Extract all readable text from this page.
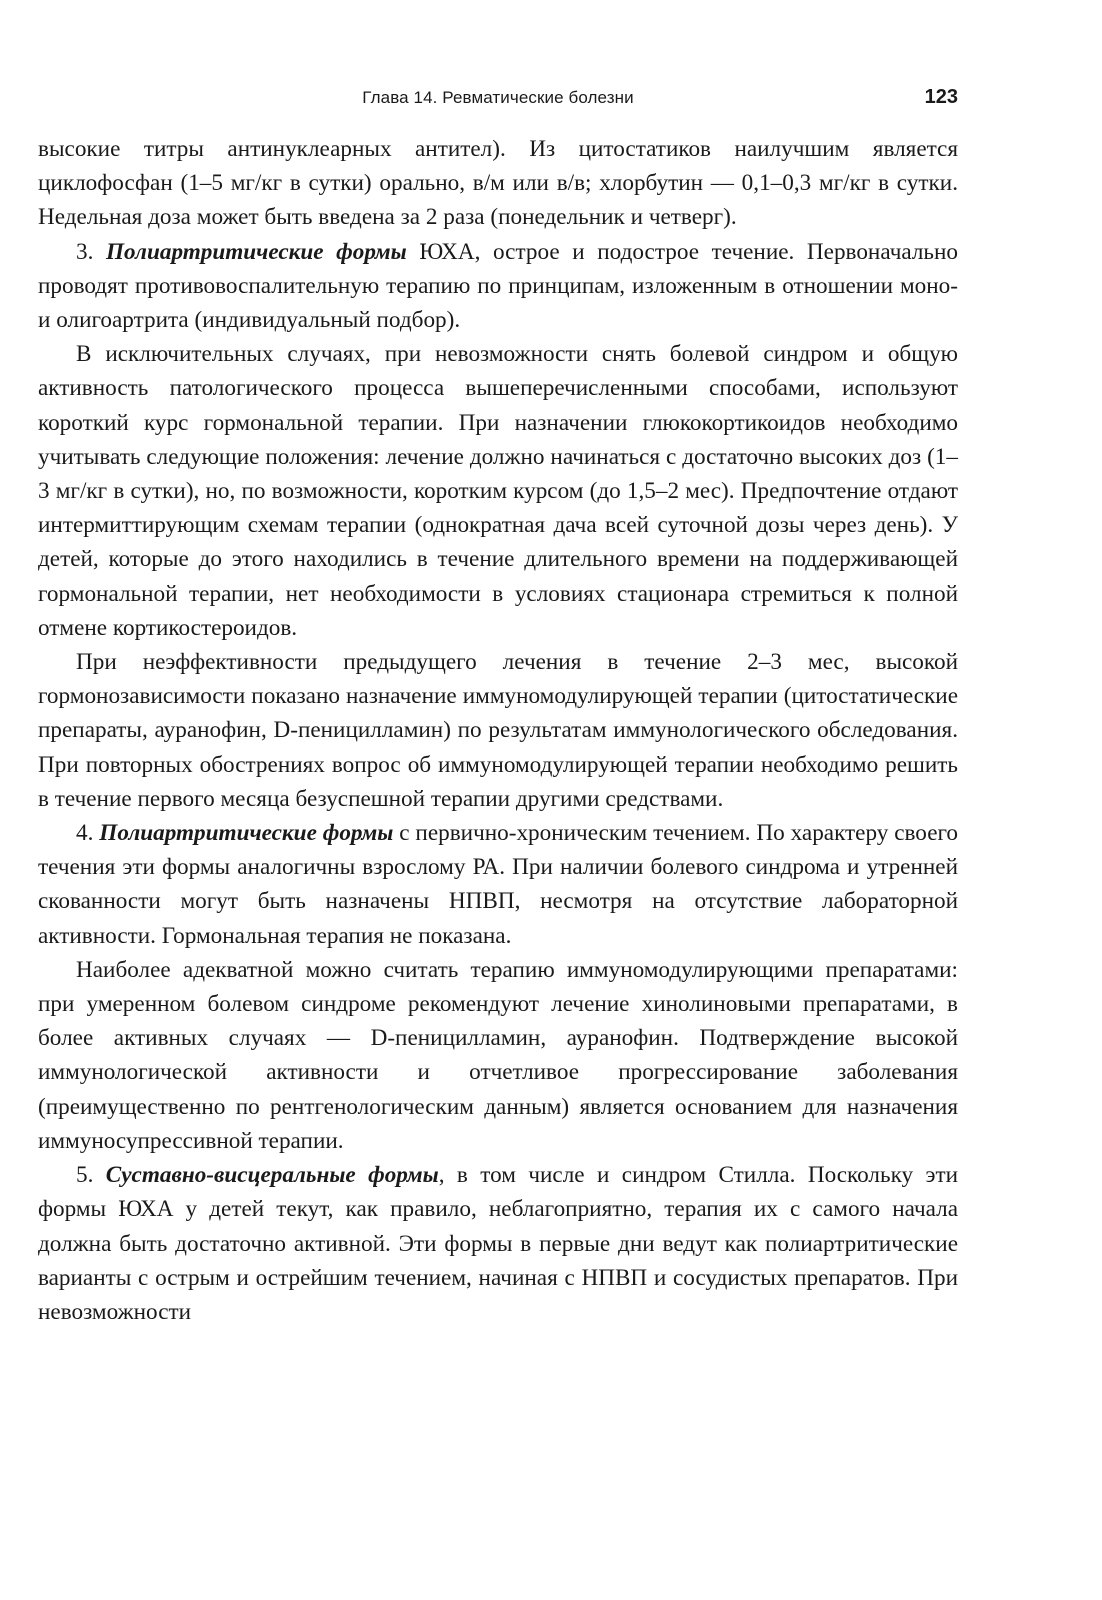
Глава 14. Ревматические болезни	123

высокие титры антинуклеарных антител). Из цитостатиков наилучшим является циклофосфан (1–5 мг/кг в сутки) орально, в/м или в/в; хлорбутин — 0,1–0,3 мг/кг в сутки. Недельная доза может быть введена за 2 раза (понедельник и четверг).

3. Полиартритические формы ЮХА, острое и подострое течение. Первоначально проводят противовоспалительную терапию по принципам, изложенным в отношении моно- и олигоартрита (индивидуальный подбор).

В исключительных случаях, при невозможности снять болевой синдром и общую активность патологического процесса вышеперечисленными способами, используют короткий курс гормональной терапии. При назначении глюкокортикоидов необходимо учитывать следующие положения: лечение должно начинаться с достаточно высоких доз (1–3 мг/кг в сутки), но, по возможности, коротким курсом (до 1,5–2 мес). Предпочтение отдают интермиттирующим схемам терапии (однократная дача всей суточной дозы через день). У детей, которые до этого находились в течение длительного времени на поддерживающей гормональной терапии, нет необходимости в условиях стационара стремиться к полной отмене кортикостероидов.

При неэффективности предыдущего лечения в течение 2–3 мес, высокой гормонозависимости показано назначение иммуномодулирующей терапии (цитостатические препараты, ауранофин, D-пеницилламин) по результатам иммунологического обследования. При повторных обострениях вопрос об иммуномодулирующей терапии необходимо решить в течение первого месяца безуспешной терапии другими средствами.

4. Полиартритические формы с первично-хроническим течением. По характеру своего течения эти формы аналогичны взрослому РА. При наличии болевого синдрома и утренней скованности могут быть назначены НПВП, несмотря на отсутствие лабораторной активности. Гормональная терапия не показана.

Наиболее адекватной можно считать терапию иммуномодулирующими препаратами: при умеренном болевом синдроме рекомендуют лечение хинолиновыми препаратами, в более активных случаях — D-пеницилламин, ауранофин. Подтверждение высокой иммунологической активности и отчетливое прогрессирование заболевания (преимущественно по рентгенологическим данным) является основанием для назначения иммуносупрессивной терапии.

5. Суставно-висцеральные формы, в том числе и синдром Стилла. Поскольку эти формы ЮХА у детей текут, как правило, неблагоприятно, терапия их с самого начала должна быть достаточно активной. Эти формы в первые дни ведут как полиартритические варианты с острым и острейшим течением, начиная с НПВП и сосудистых препаратов. При невозможности
